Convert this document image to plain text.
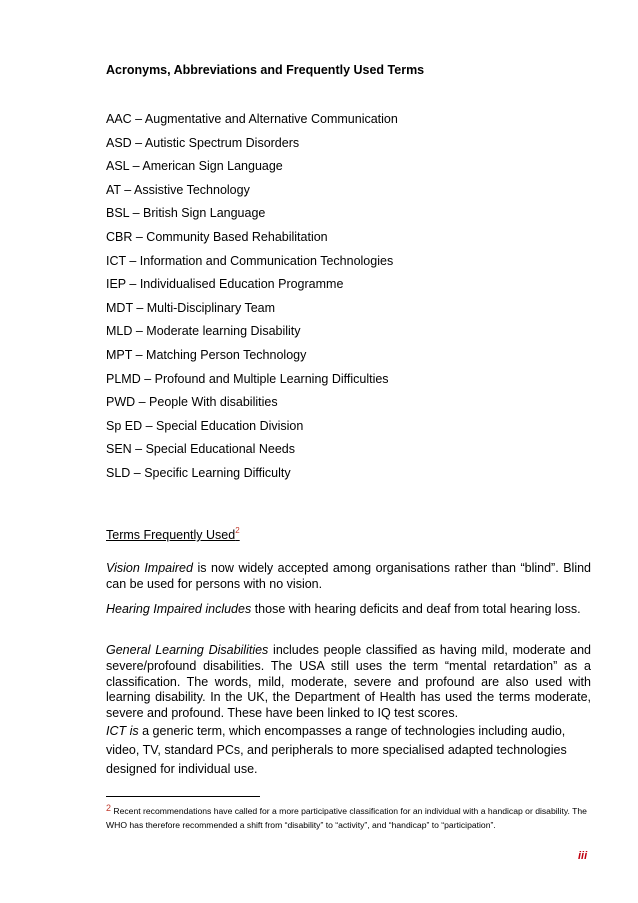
Acronyms, Abbreviations and Frequently Used Terms
AAC – Augmentative and Alternative Communication
ASD – Autistic Spectrum Disorders
ASL – American Sign Language
AT – Assistive Technology
BSL – British Sign Language
CBR – Community Based Rehabilitation
ICT – Information and Communication Technologies
IEP – Individualised Education Programme
MDT – Multi-Disciplinary Team
MLD – Moderate learning Disability
MPT – Matching Person Technology
PLMD – Profound and Multiple Learning Difficulties
PWD – People With disabilities
Sp ED – Special Education Division
SEN – Special Educational Needs
SLD – Specific Learning Difficulty
Terms Frequently Used$^2$

Vision Impaired is now widely accepted among organisations rather than “blind”. Blind can be used for persons with no vision.

Hearing Impaired includes those with hearing deficits and deaf from total hearing loss.

General Learning Disabilities includes people classified as having mild, moderate and severe/profound disabilities. The USA still uses the term “mental retardation” as a classification. The words, mild, moderate, severe and profound are also used with learning disability. In the UK, the Department of Health has used the terms moderate, severe and profound. These have been linked to IQ test scores.

ICT is a generic term, which encompasses a range of technologies including audio, video, TV, standard PCs, and peripherals to more specialised adapted technologies designed for individual use.

$^2$ Recent recommendations have called for a more participative classification for an individual with a handicap or disability. The WHO has therefore recommended a shift from “disability” to “activity”, and “handicap” to “participation”.

iii
